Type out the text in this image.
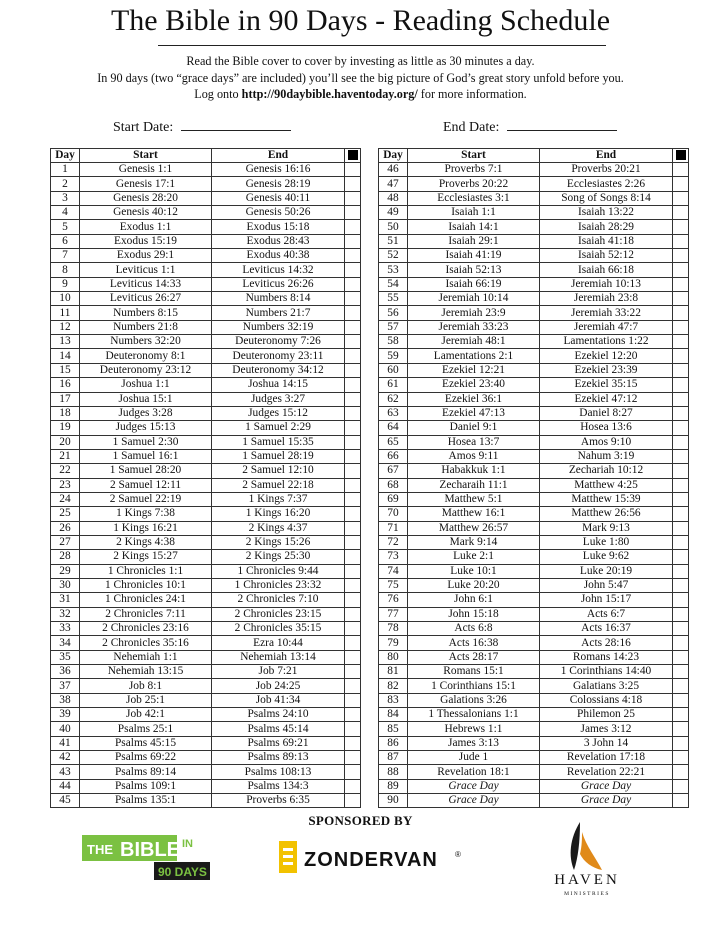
The Bible in 90 Days - Reading Schedule
Read the Bible cover to cover by investing as little as 30 minutes a day.
In 90 days (two “grace days” are included) you’ll see the big picture of God’s great story unfold before you.
Log onto http://90daybible.haventoday.org/ for more information.
Start Date:	End Date:
Day	Start	End	
1	Genesis 1:1	Genesis 16:16	
2	Genesis 17:1	Genesis 28:19	
3	Genesis 28:20	Genesis 40:11	
4	Genesis 40:12	Genesis 50:26	
5	Exodus 1:1	Exodus 15:18	
6	Exodus 15:19	Exodus 28:43	
7	Exodus 29:1	Exodus 40:38	
8	Leviticus 1:1	Leviticus 14:32	
9	Leviticus 14:33	Leviticus 26:26	
10	Leviticus 26:27	Numbers 8:14	
11	Numbers 8:15	Numbers 21:7	
12	Numbers 21:8	Numbers 32:19	
13	Numbers 32:20	Deuteronomy 7:26	
14	Deuteronomy 8:1	Deuteronomy 23:11	
15	Deuteronomy 23:12	Deuteronomy 34:12	
16	Joshua 1:1	Joshua 14:15	
17	Joshua 15:1	Judges 3:27	
18	Judges 3:28	Judges 15:12	
19	Judges 15:13	1 Samuel 2:29	
20	1 Samuel 2:30	1 Samuel 15:35	
21	1 Samuel 16:1	1 Samuel 28:19	
22	1 Samuel 28:20	2 Samuel 12:10	
23	2 Samuel 12:11	2 Samuel 22:18	
24	2 Samuel 22:19	1 Kings 7:37	
25	1 Kings 7:38	1 Kings 16:20	
26	1 Kings 16:21	2 Kings 4:37	
27	2 Kings 4:38	2 Kings 15:26	
28	2 Kings 15:27	2 Kings 25:30	
29	1 Chronicles 1:1	1 Chronicles 9:44	
30	1 Chronicles 10:1	1 Chronicles 23:32	
31	1 Chronicles 24:1	2 Chronicles 7:10	
32	2 Chronicles 7:11	2 Chronicles 23:15	
33	2 Chronicles 23:16	2 Chronicles 35:15	
34	2 Chronicles 35:16	Ezra 10:44	
35	Nehemiah 1:1	Nehemiah 13:14	
36	Nehemiah 13:15	Job 7:21	
37	Job 8:1	Job 24:25	
38	Job 25:1	Job 41:34	
39	Job 42:1	Psalms 24:10	
40	Psalms 25:1	Psalms 45:14	
41	Psalms 45:15	Psalms 69:21	
42	Psalms 69:22	Psalms 89:13	
43	Psalms 89:14	Psalms 108:13	
44	Psalms 109:1	Psalms 134:3	
45	Psalms 135:1	Proverbs 6:35	
Day	Start	End	
46	Proverbs 7:1	Proverbs 20:21	
47	Proverbs 20:22	Ecclesiastes 2:26	
48	Ecclesiastes 3:1	Song of Songs 8:14	
49	Isaiah 1:1	Isaiah 13:22	
50	Isaiah 14:1	Isaiah 28:29	
51	Isaiah 29:1	Isaiah 41:18	
52	Isaiah 41:19	Isaiah 52:12	
53	Isaiah 52:13	Isaiah 66:18	
54	Isaiah 66:19	Jeremiah 10:13	
55	Jeremiah 10:14	Jeremiah 23:8	
56	Jeremiah 23:9	Jeremiah 33:22	
57	Jeremiah 33:23	Jeremiah 47:7	
58	Jeremiah 48:1	Lamentations 1:22	
59	Lamentations 2:1	Ezekiel 12:20	
60	Ezekiel 12:21	Ezekiel 23:39	
61	Ezekiel 23:40	Ezekiel 35:15	
62	Ezekiel 36:1	Ezekiel 47:12	
63	Ezekiel 47:13	Daniel 8:27	
64	Daniel 9:1	Hosea 13:6	
65	Hosea 13:7	Amos 9:10	
66	Amos 9:11	Nahum 3:19	
67	Habakkuk 1:1	Zechariah 10:12	
68	Zecharaih 11:1	Matthew 4:25	
69	Matthew 5:1	Matthew 15:39	
70	Matthew 16:1	Matthew 26:56	
71	Matthew 26:57	Mark 9:13	
72	Mark 9:14	Luke 1:80	
73	Luke 2:1	Luke 9:62	
74	Luke 10:1	Luke 20:19	
75	Luke 20:20	John 5:47	
76	John 6:1	John 15:17	
77	John 15:18	Acts 6:7	
78	Acts 6:8	Acts 16:37	
79	Acts 16:38	Acts 28:16	
80	Acts 28:17	Romans 14:23	
81	Romans 15:1	1 Corinthians 14:40	
82	1 Corinthians 15:1	Galatians 3:25	
83	Galations 3:26	Colossians 4:18	
84	1 Thessalonians 1:1	Philemon 25	
85	Hebrews 1:1	James 3:12	
86	James 3:13	3 John 14	
87	Jude 1	Revelation 17:18	
88	Revelation 18:1	Revelation 22:21	
89	Grace Day	Grace Day	
90	Grace Day	Grace Day	
SPONSORED BY
THE BIBLE IN
90 DAYS
ZONDERVAN ®
HAVEN
MINISTRIES
